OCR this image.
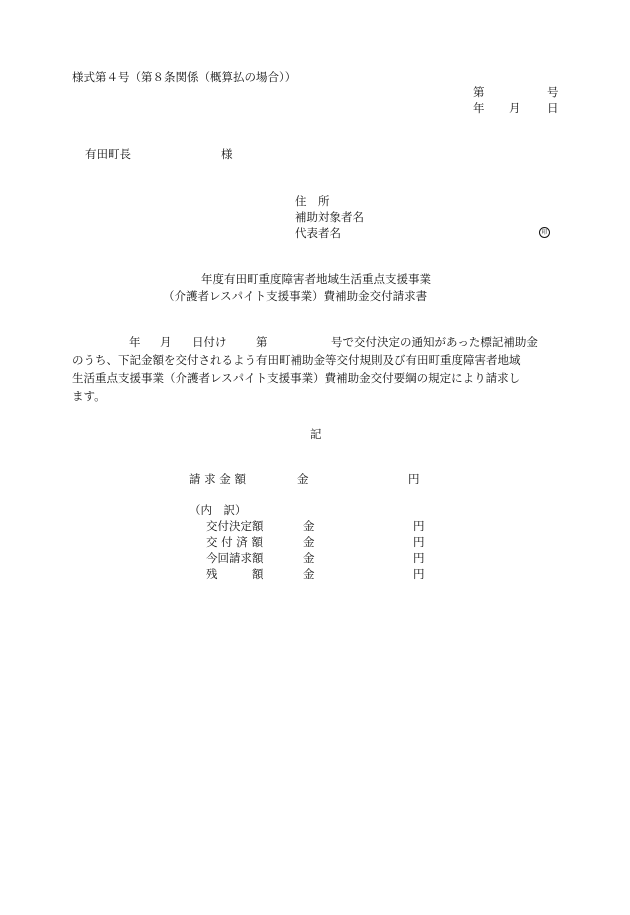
様式第４号（第８条関係（概算払の場合））
第	号
年 月 日
有田町長	様
住　所
補助対象者名
代表者名	印
年度有田町重度障害者地域生活重点支援事業
（介護者レスパイト支援事業）費補助金交付請求書
年 月 日付け	第	号で交付決定の通知があった標記補助金
のうち、下記金額を交付されるよう有田町補助金等交付規則及び有田町重度障害者地域
生活重点支援事業（介護者レスパイト支援事業）費補助金交付要綱の規定により請求し
ます。
記
請 求 金 額	金	円
（内　訳）
交付決定額	金	円
交 付 済 額	金	円
今回請求額	金	円
残　　　額	金	円
